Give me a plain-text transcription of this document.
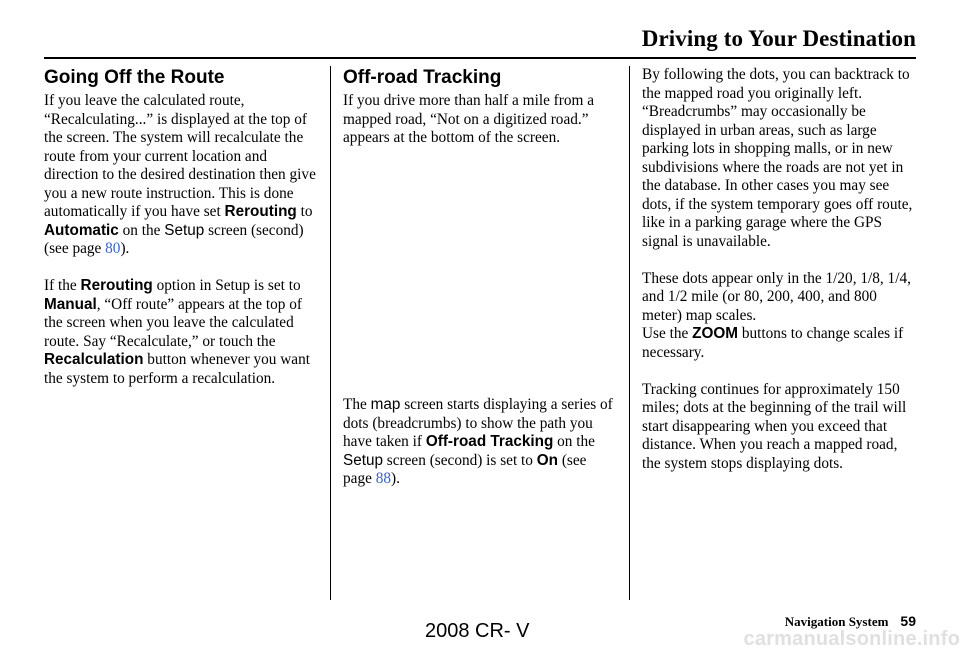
Driving to Your Destination
Going Off the Route

If you leave the calculated route, “Recalculating...” is displayed at the top of the screen. The system will recalculate the route from your current location and direction to the desired destination then give you a new route instruction. This is done automatically if you have set Rerouting to Automatic on the Setup screen (second) (see page 80).

If the Rerouting option in Setup is set to Manual, “Off route” appears at the top of the screen when you leave the calculated route. Say “Recalculate,” or touch the Recalculation button whenever you want the system to perform a recalculation.

Off-road Tracking

If you drive more than half a mile from a mapped road, “Not on a digitized road.” appears at the bottom of the screen.

The map screen starts displaying a series of dots (breadcrumbs) to show the path you have taken if Off-road Tracking on the Setup screen (second) is set to On (see page 88).

By following the dots, you can backtrack to the mapped road you originally left. “Breadcrumbs” may occasionally be displayed in urban areas, such as large parking lots in shopping malls, or in new subdivisions where the roads are not yet in the database. In other cases you may see dots, if the system temporary goes off route, like in a parking garage where the GPS signal is unavailable.

These dots appear only in the 1/20, 1/8, 1/4, and 1/2 mile (or 80, 200, 400, and 800 meter) map scales.
Use the ZOOM buttons to change scales if necessary.

Tracking continues for approximately 150 miles; dots at the beginning of the trail will start disappearing when you exceed that distance. When you reach a mapped road, the system stops displaying dots.

Navigation System 59
2008 CR- V	carmanualsonline.info
